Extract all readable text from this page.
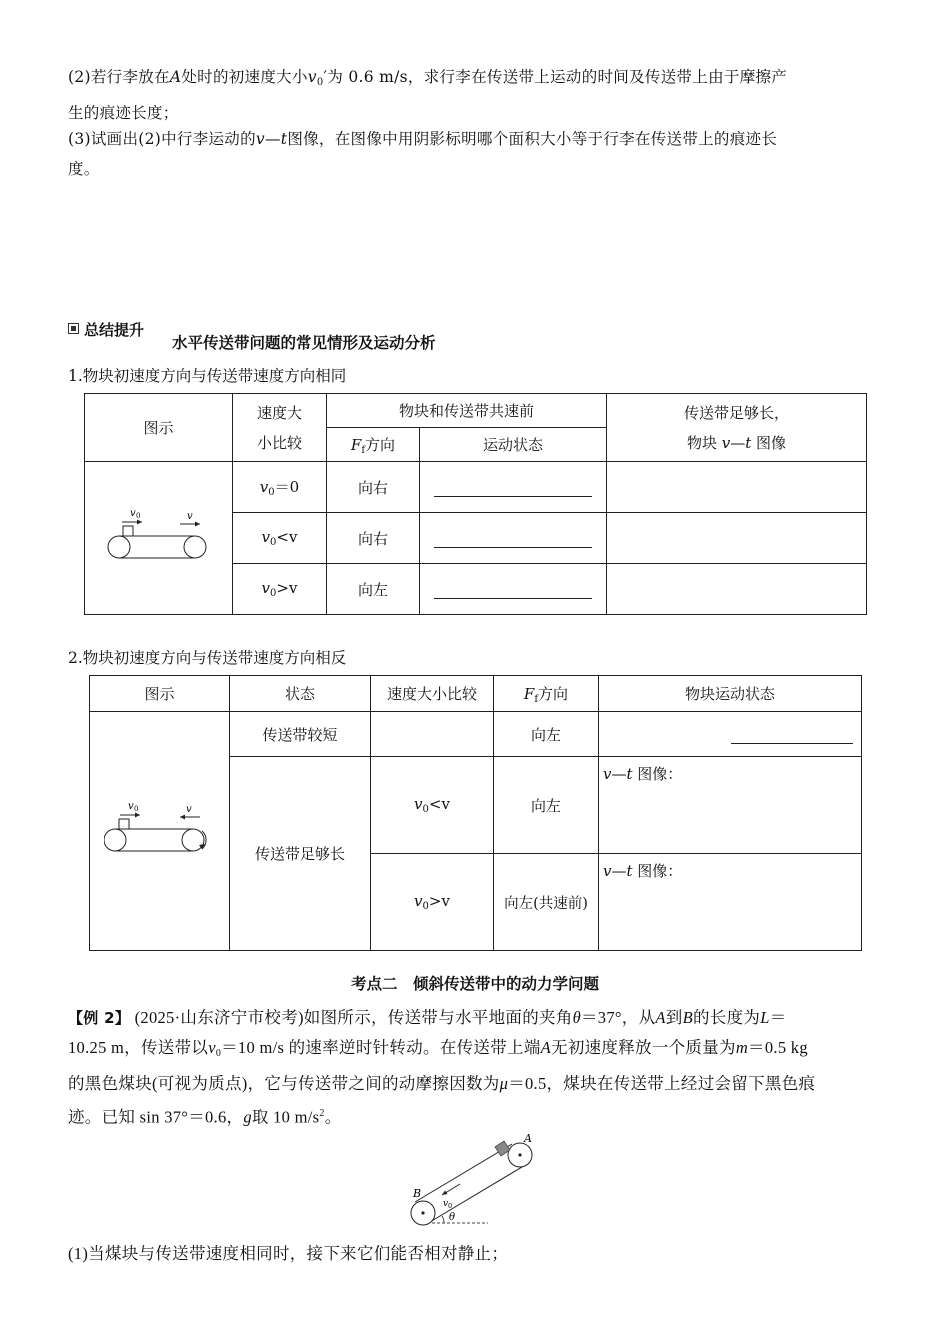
(2)若行李放在A处时的初速度大小$v_0'$为 0.6 m/s，求行李在传送带上运动的时间及传送带上由于摩擦产
生的痕迹长度；
(3)试画出(2)中行李运动的v—t图像，在图像中用阴影标明哪个面积大小等于行李在传送带上的痕迹长
度。
总结提升
水平传送带问题的常见情形及运动分析
1.物块初速度方向与传送带速度方向相同
图示	速度大
小比较	物块和传送带共速前		传送带足够长，
物块 v—t 图像
		$F_f$方向	运动状态	

v 0 v	$v_0=0$	向右		
	$v_0<v$	向右		
	$v_0>v$	向左		
2.物块初速度方向与传送带速度方向相反
图示	状态	速度大小比较	$F_f$方向	物块运动状态

v 0 v	传送带较短		向左	
	传送带足够长	$v_0<v$	向左	v—t 图像：
		$v_0>v$	向左(共速前)	v—t 图像：
考点二　倾斜传送带中的动力学问题
【例 2】 (2025·山东济宁市校考)如图所示，传送带与水平地面的夹角θ＝37°，从A到B的长度为L＝
10.25 m，传送带以$v_0=10$ m/s 的速率逆时针转动。在传送带上端A无初速度释放一个质量为m＝0.5 kg
的黑色煤块(可视为质点)，它与传送带之间的动摩擦因数为μ＝0.5，煤块在传送带上经过会留下黑色痕
迹。已知 sin 37°＝0.6，g取 10 $m/s^2$。
A
B
v 0
θ
(1)当煤块与传送带速度相同时，接下来它们能否相对静止；
